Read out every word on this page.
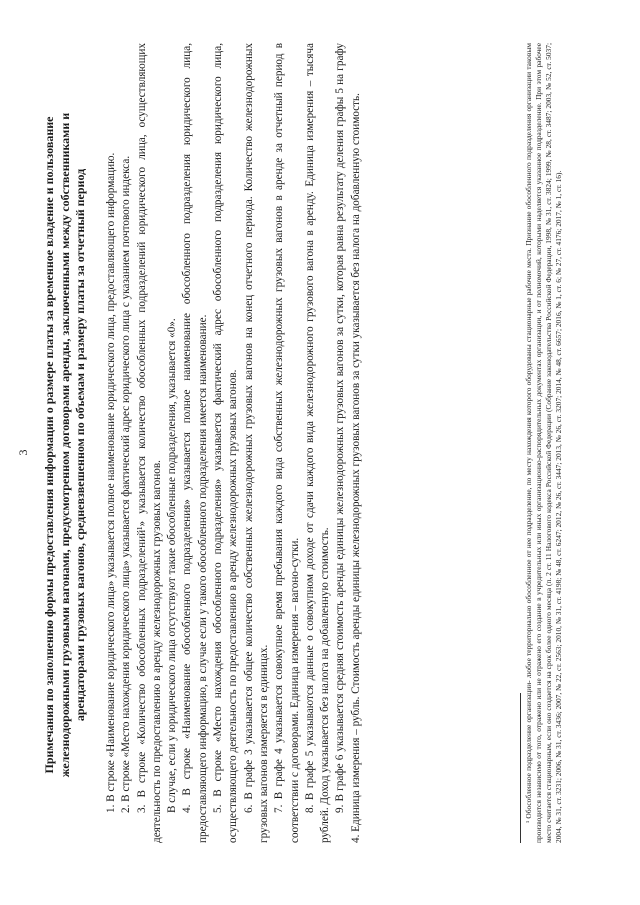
3 Примечания по заполнению формы предоставления информации о размере платы за временное владение и пользование железнодорожными грузовыми вагонами, предусмотренном договорами аренды, заключенными между собственниками и арендаторами грузовых вагонов, средневзвешенном по объемам и размеру платы за отчетный период 1. В строке «Наименование юридического лица» указывается полное наименование юридического лица, предоставляющего информацию. 2. В строке «Место нахождения юридического лица» указывается фактический адрес юридического лица с указанием почтового индекса. 3. В строке «Количество обособленных подразделений¹» указывается количество обособленных подразделений юридического лица, осуществляющих деятельность по предоставлению в аренду железнодорожных грузовых вагонов. В случае, если у юридического лица отсутствуют такие обособленные подразделения, указывается «0». 4. В строке «Наименование обособленного подразделения» указывается полное наименование обособленного подразделения юридического лица, предоставляющего информацию, в случае если у такого обособленного подразделения имеется наименование. 5. В строке «Место нахождения обособленного подразделения» указывается фактический адрес обособленного подразделения юридического лица, осуществляющего деятельность по предоставлению в аренду железнодорожных грузовых вагонов. 6. В графе 3 указывается общее количество собственных железнодорожных грузовых вагонов на конец отчетного периода. Количество железнодорожных грузовых вагонов измеряется в единицах. 7. В графе 4 указывается совокупное время пребывания каждого вида собственных железнодорожных грузовых вагонов в аренде за отчетный период в соответствии с договорами. Единица измерения – вагоно-сутки. 8. В графе 5 указываются данные о совокупном доходе от сдачи каждого вида железнодорожного грузового вагона в аренду. Единица измерения – тысяча рублей. Доход указывается без налога на добавленную стоимость. 9. В графе 6 указывается средняя стоимость аренды единицы железнодорожных грузовых вагонов за сутки, которая равна результату деления графы 5 на графу 4. Единица измерения – рубль. Стоимость аренды единицы железнодорожных грузовых вагонов за сутки указывается без налога на добавленную стоимость.	¹ Обособленное подразделение организации- любое территориально обособленное от нее подразделение, по месту нахождения которого оборудованы стационарные рабочие места. Признание обособленного подразделения организации таковым производится независимо от того, отражено или не отражено его создание в учредительных или иных организационно-распорядительных документах организации, и от полномочий, которыми наделяется указанное подразделение. При этом рабочее место считается стационарным, если оно создается на срок более одного месяца (п. 2 ст. 11 Налогового кодекса Российской Федерации (Собрание законодательства Российской Федерации, 1998, № 31, ст. 3824; 1999, № 28, ст. 3487; 2003, № 52, ст. 5037; 2004, № 31, ст. 3231; 2006, № 31, ст. 3436; 2007, № 22, ст. 2563; 2010, № 31, ст. 4198; № 48, ст. 6247; 2012, № 26, ст. 3447; 2013, № 26, ст. 3207; 2014, № 48, ст. 6657; 2016, № 1, ст. 6; № 27, ст. 4176; 2017, № 1, ст. 16).
